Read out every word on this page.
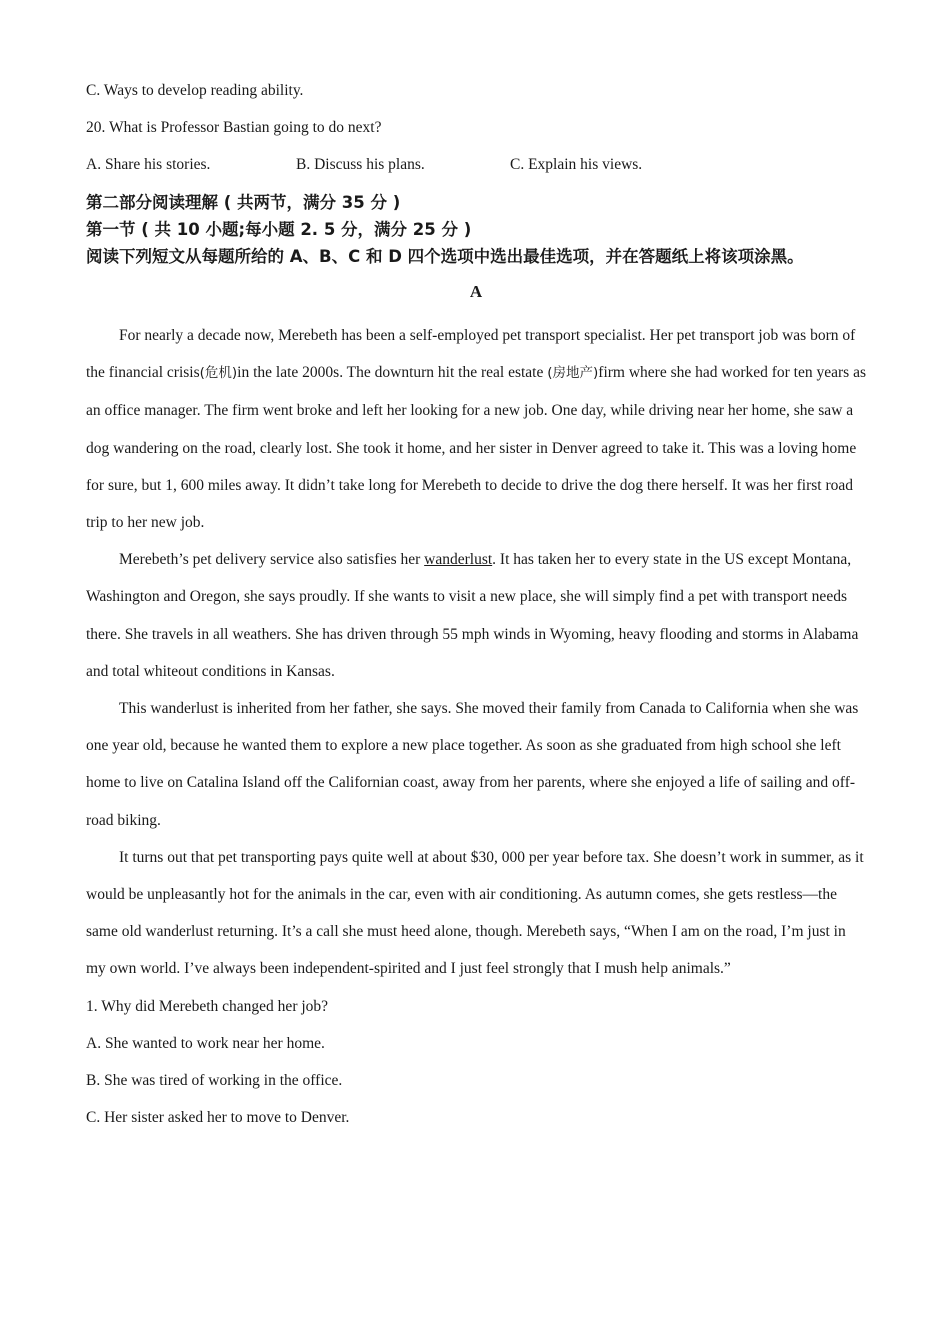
C. Ways to develop reading ability.
20. What is Professor Bastian going to do next?
A. Share his stories.	B. Discuss his plans.	C. Explain his views.

第二部分阅读理解 ( 共两节，满分 35 分 )

第一节 ( 共 10 小题;每小题 2. 5 分，满分 25 分 )

阅读下列短文从每题所给的 A、B、C 和 D 四个选项中选出最佳选项，并在答题纸上将该项涂黑。

A

For nearly a decade now, Merebeth has been a self-employed pet transport specialist. Her pet transport job was born of the financial crisis(危机)in the late 2000s. The downturn hit the real estate (房地产)firm where she had worked for ten years as an office manager. The firm went broke and left her looking for a new job. One day, while driving near her home, she saw a dog wandering on the road, clearly lost. She took it home, and her sister in Denver agreed to take it. This was a loving home for sure, but 1, 600 miles away. It didn’t take long for Merebeth to decide to drive the dog there herself. It was her first road trip to her new job.

Merebeth’s pet delivery service also satisfies her wanderlust. It has taken her to every state in the US except Montana, Washington and Oregon, she says proudly. If she wants to visit a new place, she will simply find a pet with transport needs there. She travels in all weathers. She has driven through 55 mph winds in Wyoming, heavy flooding and storms in Alabama and total whiteout conditions in Kansas.

This wanderlust is inherited from her father, she says. She moved their family from Canada to California when she was one year old, because he wanted them to explore a new place together. As soon as she graduated from high school she left home to live on Catalina Island off the Californian coast, away from her parents, where she enjoyed a life of sailing and off-road biking.

It turns out that pet transporting pays quite well at about $30, 000 per year before tax. She doesn’t work in summer, as it would be unpleasantly hot for the animals in the car, even with air conditioning. As autumn comes, she gets restless—the same old wanderlust returning. It’s a call she must heed alone, though. Merebeth says, “When I am on the road, I’m just in my own world. I’ve always been independent-spirited and I just feel strongly that I mush help animals.”

1. Why did Merebeth changed her job?
A. She wanted to work near her home.
B. She was tired of working in the office.
C. Her sister asked her to move to Denver.
